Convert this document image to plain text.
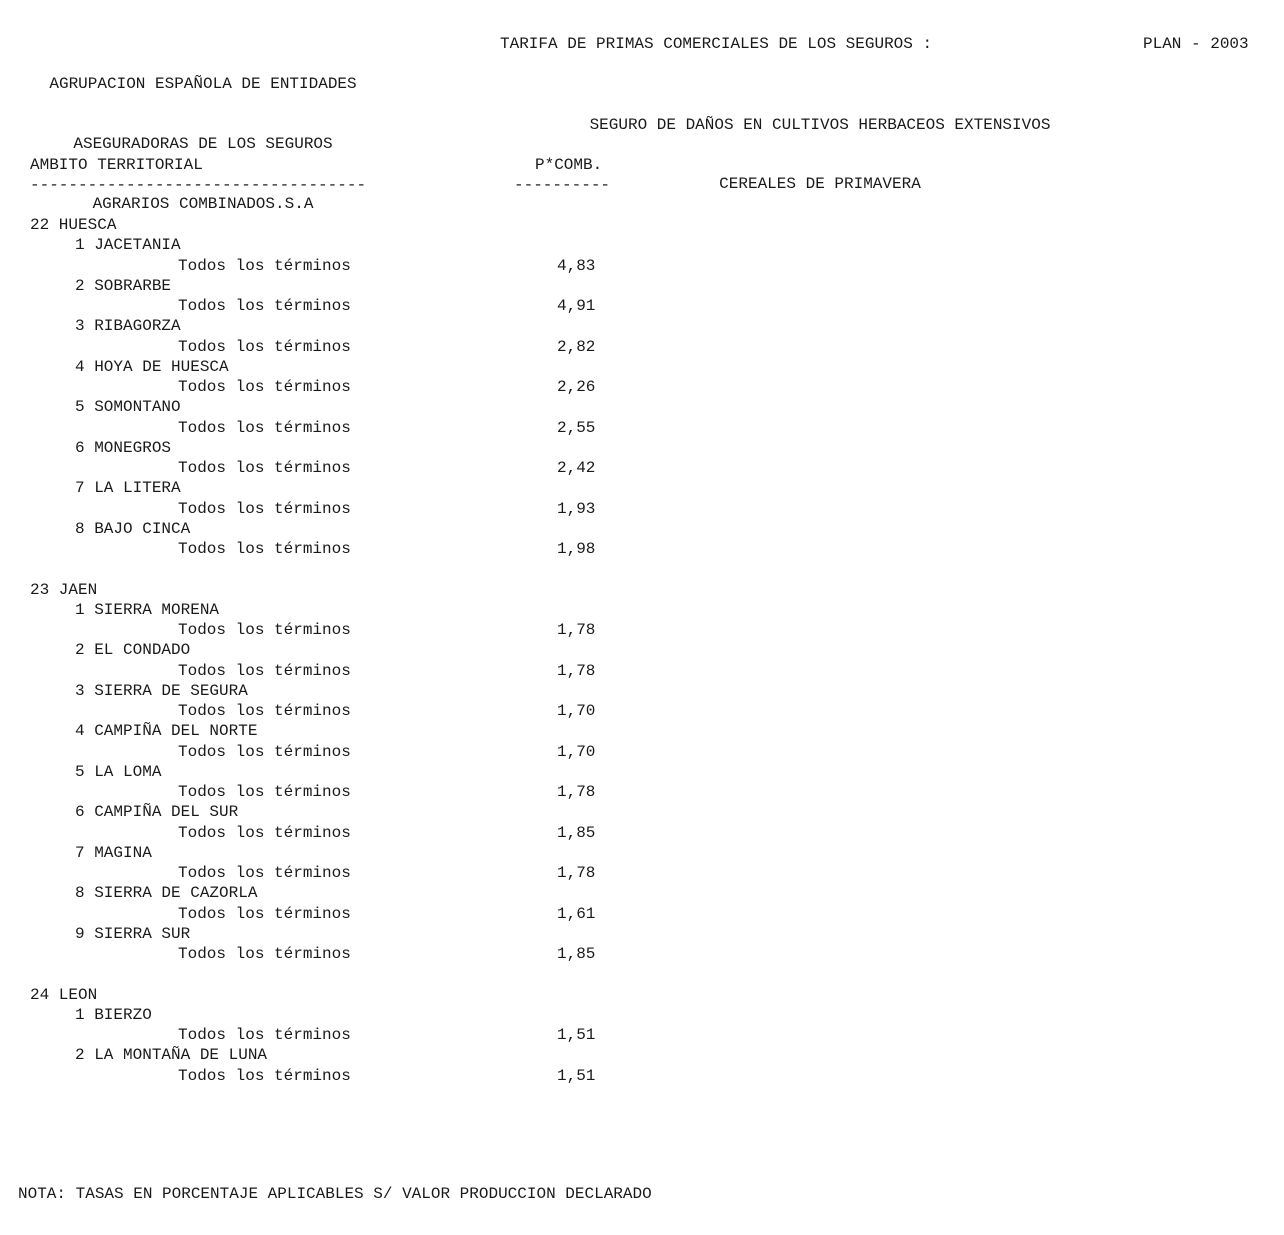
AGRUPACION ESPAÑOLA DE ENTIDADES

ASEGURADORAS DE LOS SEGUROS

AGRARIOS COMBINADOS.S.A

TARIFA DE PRIMAS COMERCIALES DE LOS SEGUROS :	PLAN - 2003

SEGURO DE DAÑOS EN CULTIVOS HERBACEOS EXTENSIVOS

CEREALES DE PRIMAVERA

AMBITO TERRITORIAL	P*COMB.
-----------------------------------	----------
22 HUESCA
1 JACETANIA
Todos los términos	4,83
2 SOBRARBE
Todos los términos	4,91
3 RIBAGORZA
Todos los términos	2,82
4 HOYA DE HUESCA
Todos los términos	2,26
5 SOMONTANO
Todos los términos	2,55
6 MONEGROS
Todos los términos	2,42
7 LA LITERA
Todos los términos	1,93
8 BAJO CINCA
Todos los términos	1,98
23 JAEN
1 SIERRA MORENA
Todos los términos	1,78
2 EL CONDADO
Todos los términos	1,78
3 SIERRA DE SEGURA
Todos los términos	1,70
4 CAMPIÑA DEL NORTE
Todos los términos	1,70
5 LA LOMA
Todos los términos	1,78
6 CAMPIÑA DEL SUR
Todos los términos	1,85
7 MAGINA
Todos los términos	1,78
8 SIERRA DE CAZORLA
Todos los términos	1,61
9 SIERRA SUR
Todos los términos	1,85
24 LEON
1 BIERZO
Todos los términos	1,51
2 LA MONTAÑA DE LUNA
Todos los términos	1,51
NOTA: TASAS EN PORCENTAJE APLICABLES S/ VALOR PRODUCCION DECLARADO
